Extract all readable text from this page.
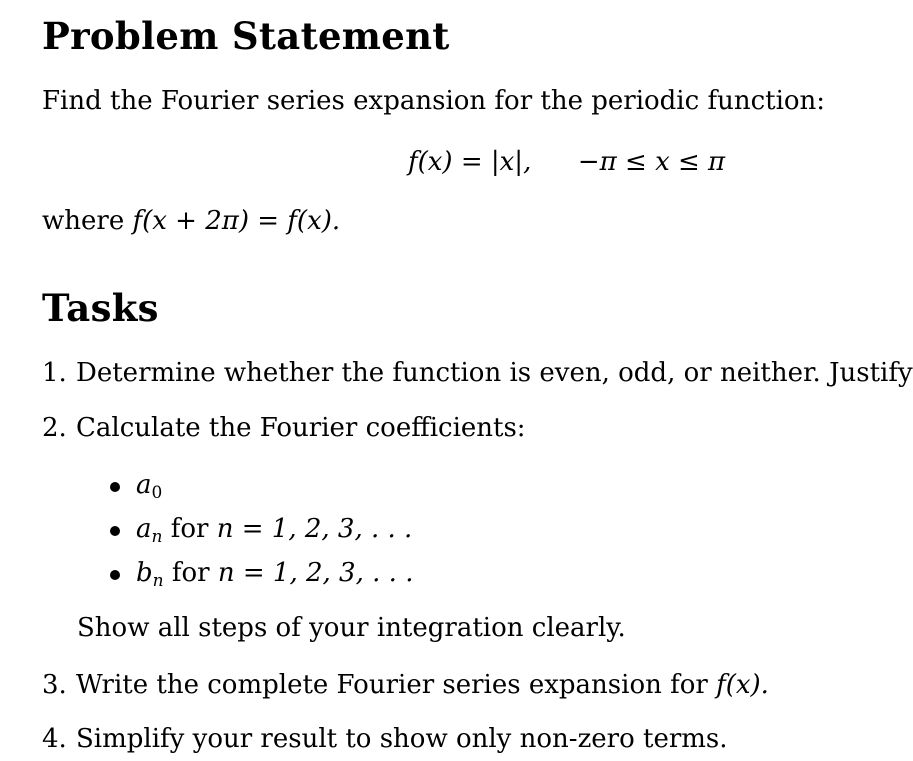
Problem Statement
Find the Fourier series expansion for the periodic function:
f(x) = |x|, −π ≤ x ≤ π
where f(x + 2π) = f(x).
Tasks
1. Determine whether the function is even, odd, or neither. Justify
2. Calculate the Fourier coefficients:
$a_0$
$a_n$ for n = 1, 2, 3, . . .
$b_n$ for n = 1, 2, 3, . . .
Show all steps of your integration clearly.
3. Write the complete Fourier series expansion for f(x).
4. Simplify your result to show only non-zero terms.
